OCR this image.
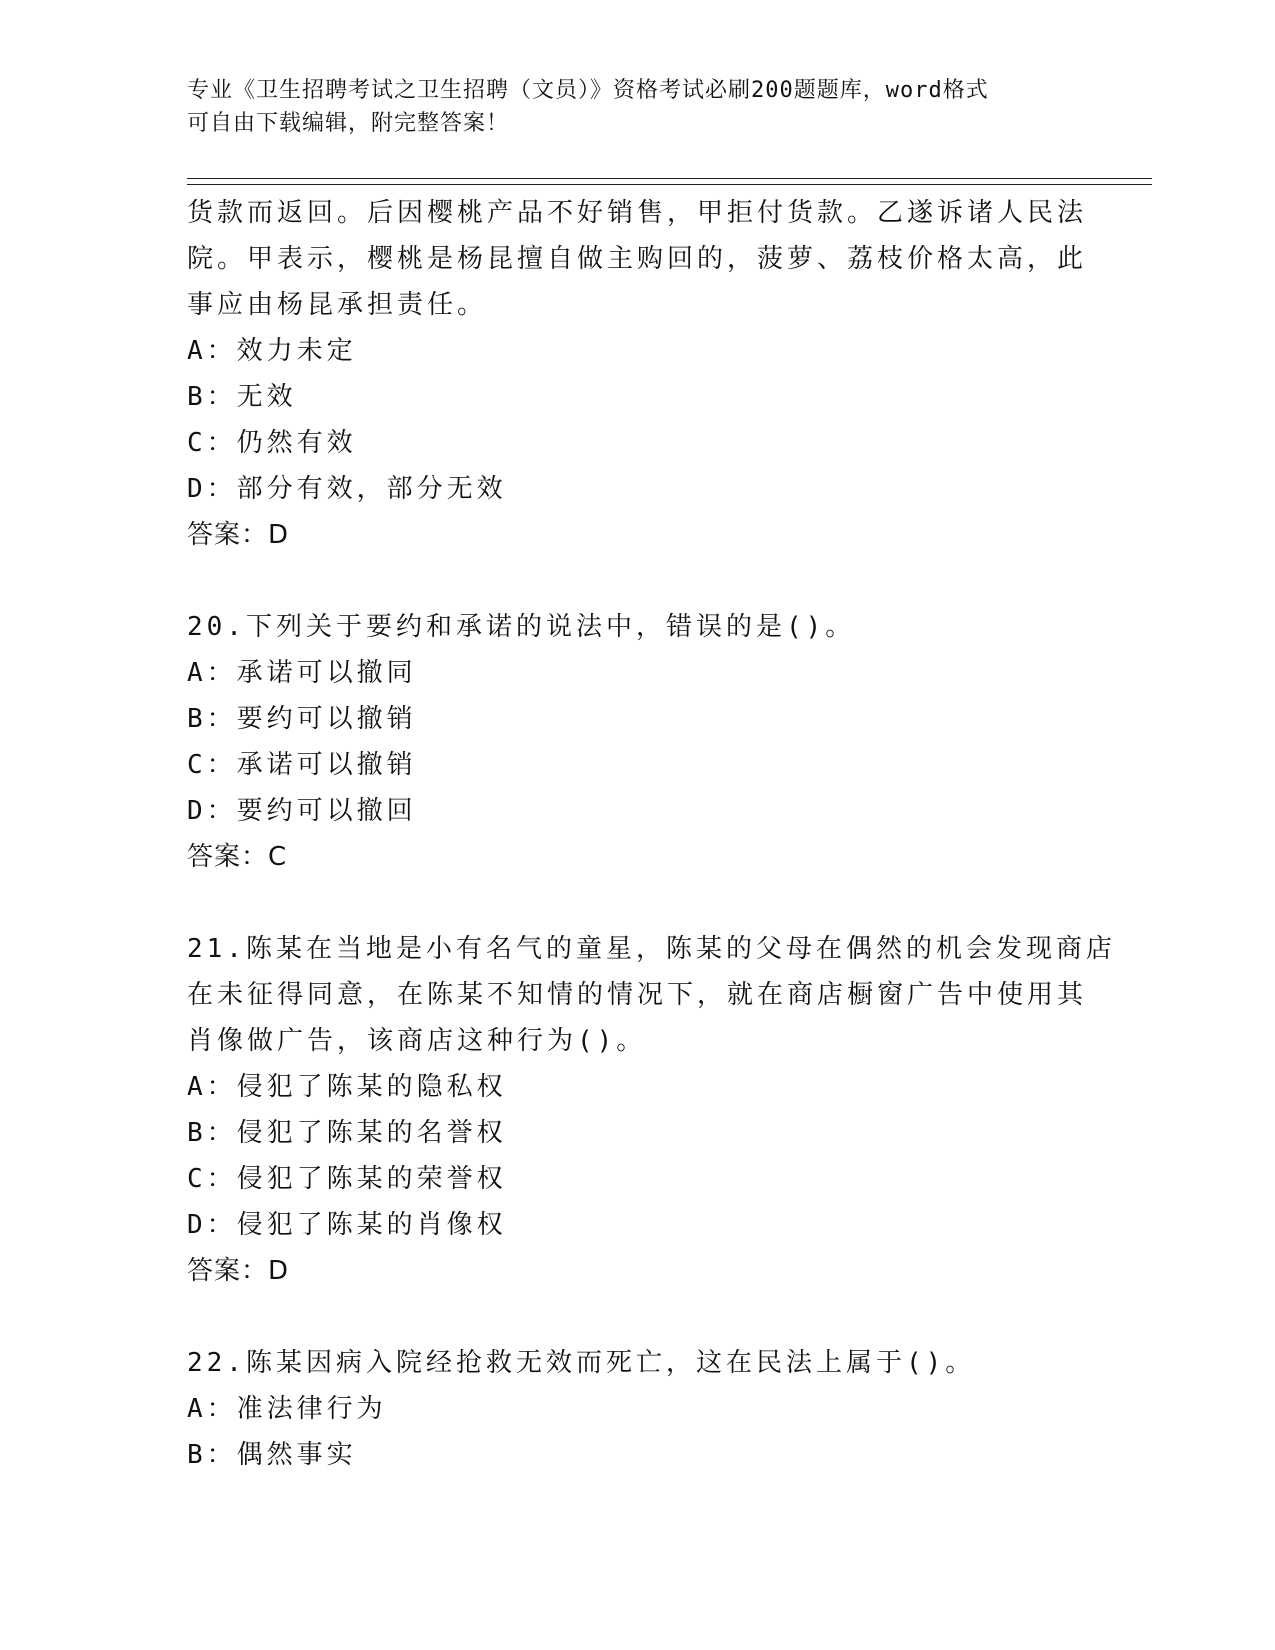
专业《卫生招聘考试之卫生招聘（文员）》资格考试必刷200题题库，word格式
可自由下载编辑，附完整答案！
货款而返回。后因樱桃产品不好销售，甲拒付货款。乙遂诉诸人民法
院。甲表示，樱桃是杨昆擅自做主购回的，菠萝、荔枝价格太高，此
事应由杨昆承担责任。
A：效力未定
B：无效
C：仍然有效
D：部分有效，部分无效
答案：D
20.下列关于要约和承诺的说法中，错误的是()。
A：承诺可以撤同
B：要约可以撤销
C：承诺可以撤销
D：要约可以撤回
答案：C
21.陈某在当地是小有名气的童星，陈某的父母在偶然的机会发现商店
在未征得同意，在陈某不知情的情况下，就在商店橱窗广告中使用其
肖像做广告，该商店这种行为()。
A：侵犯了陈某的隐私权
B：侵犯了陈某的名誉权
C：侵犯了陈某的荣誉权
D：侵犯了陈某的肖像权
答案：D
22.陈某因病入院经抢救无效而死亡，这在民法上属于()。
A：准法律行为
B：偶然事实
